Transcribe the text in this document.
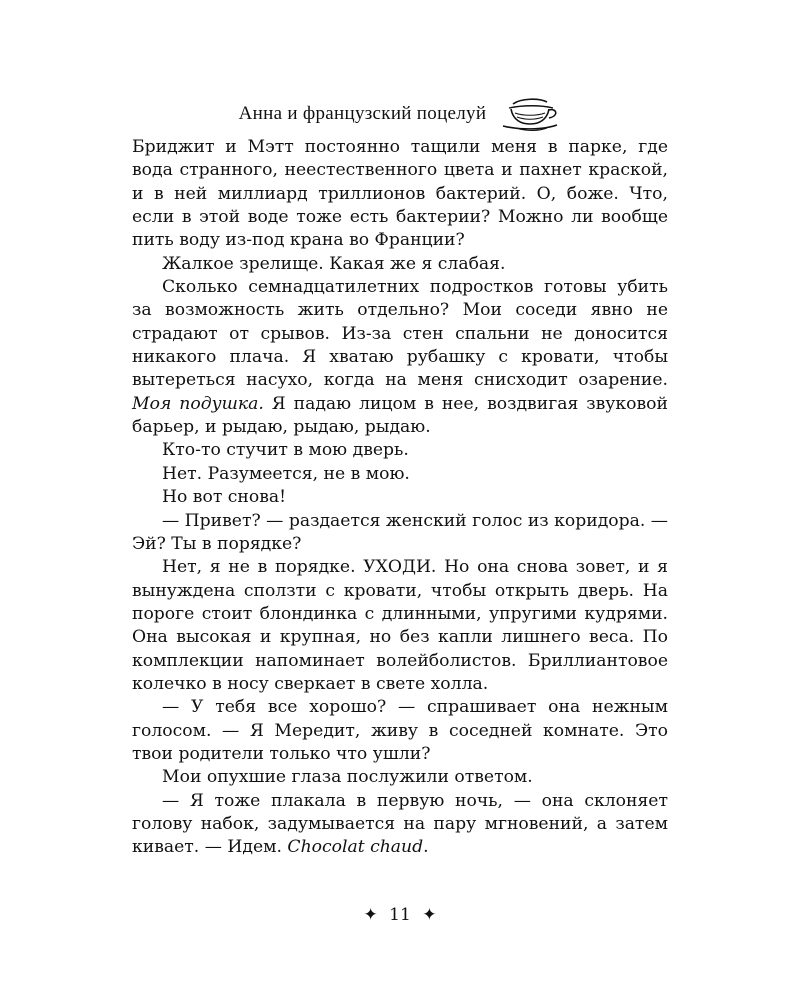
Анна и французский поцелуй

Бриджит и Мэтт постоянно тащили меня в парке, где вода странного, неестественного цвета и пахнет краской, и в ней миллиард триллионов бактерий. О, боже. Что, если в этой воде тоже есть бактерии? Можно ли вообще пить воду из-под крана во Франции?

Жалкое зрелище. Какая же я слабая.

Сколько семнадцатилетних подростков готовы убить за возможность жить отдельно? Мои соседи явно не страдают от срывов. Из-за стен спальни не доносится никакого плача. Я хватаю рубашку с кровати, чтобы вытереться насухо, когда на меня снисходит озарение. Моя подушка. Я падаю лицом в нее, воздвигая звуковой барьер, и рыдаю, рыдаю, рыдаю.

Кто-то стучит в мою дверь.

Нет. Разумеется, не в мою.

Но вот снова!

— Привет? — раздается женский голос из коридора. — Эй? Ты в порядке?

Нет, я не в порядке. УХОДИ. Но она снова зовет, и я вынуждена сползти с кровати, чтобы открыть дверь. На пороге стоит блондинка с длинными, упругими кудрями. Она высокая и крупная, но без капли лишнего веса. По комплекции напоминает волейболистов. Бриллиантовое колечко в носу сверкает в свете холла.

— У тебя все хорошо? — спрашивает она нежным голосом. — Я Мередит, живу в соседней комнате. Это твои родители только что ушли?

Мои опухшие глаза послужили ответом.

— Я тоже плакала в первую ночь, — она склоняет голову набок, задумывается на пару мгновений, а затем кивает. — Идем. Chocolat chaud.

✦ 11 ✦
